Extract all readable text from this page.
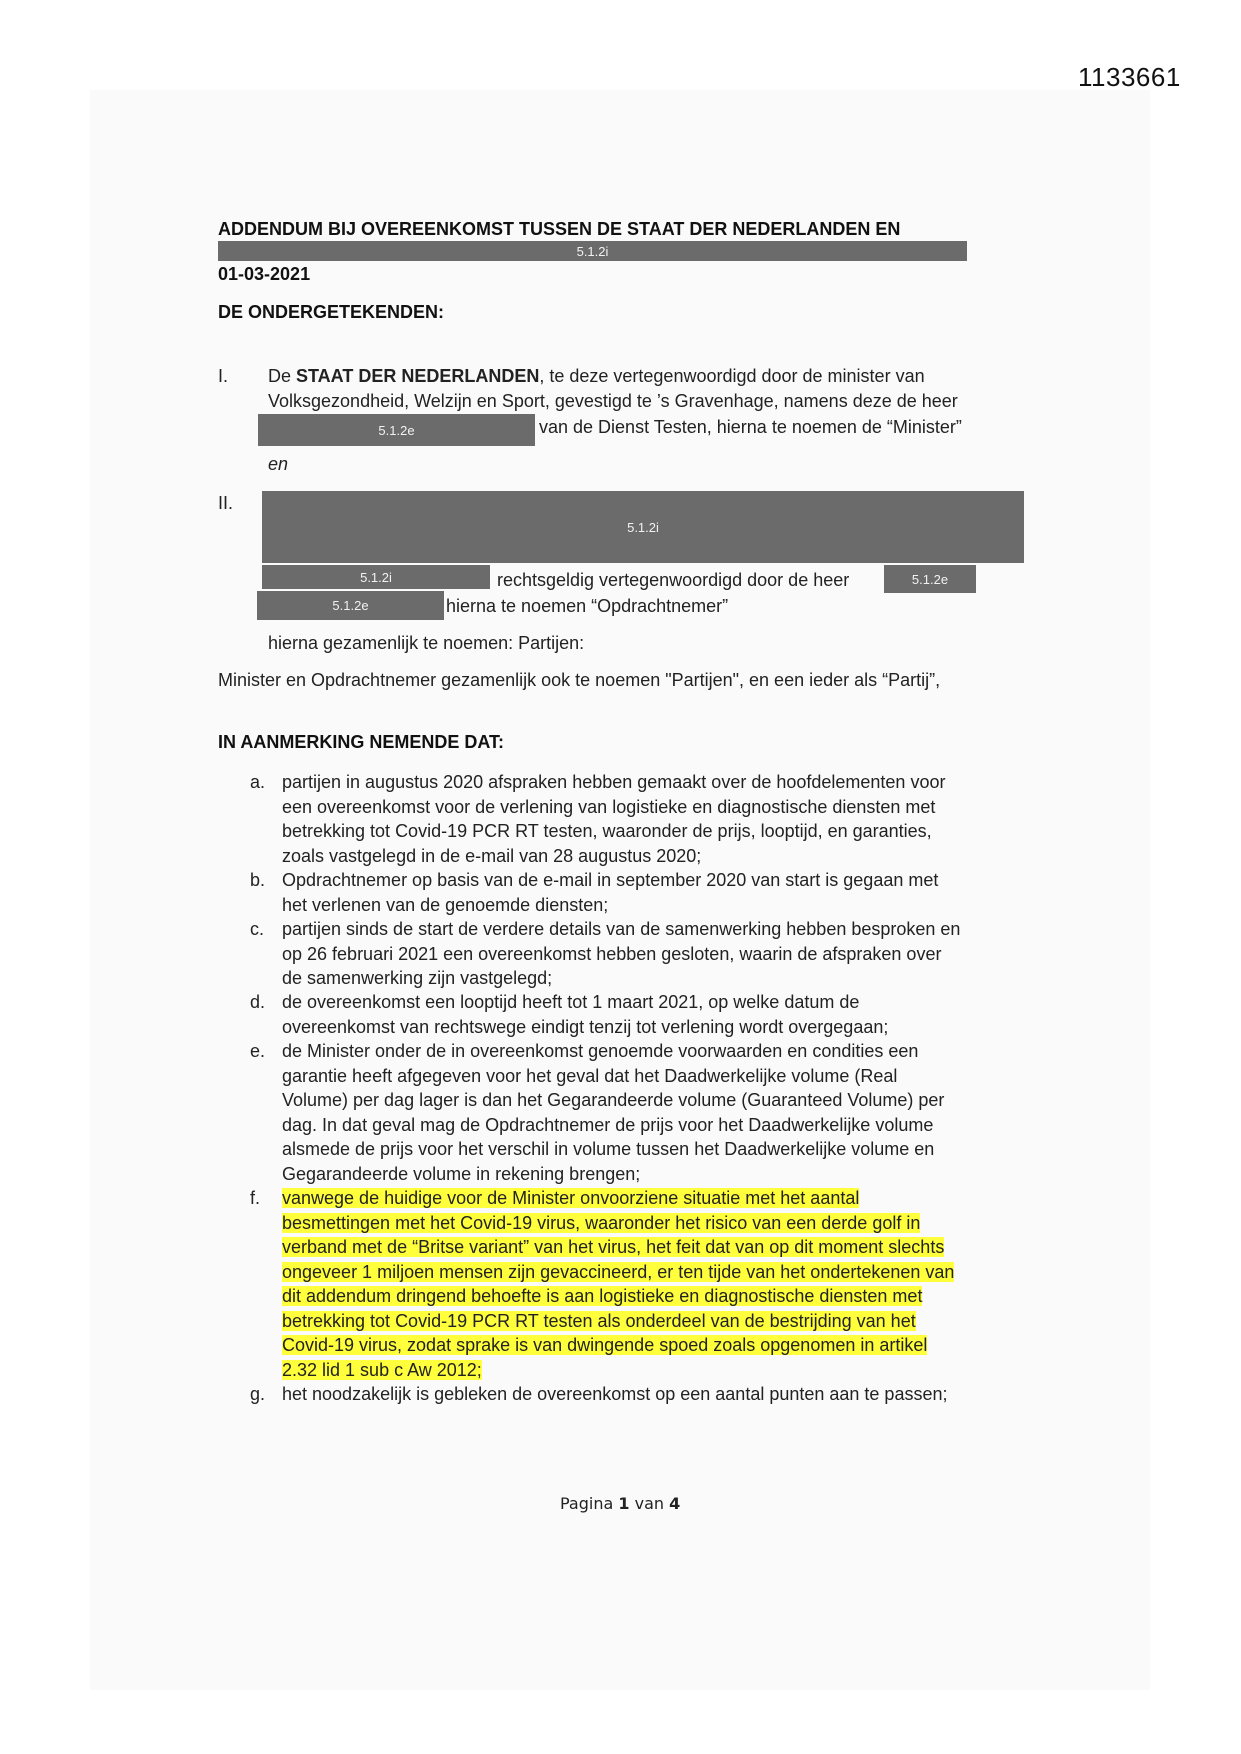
1133661
ADDENDUM BIJ OVEREENKOMST TUSSEN DE STAAT DER NEDERLANDEN EN
5.1.2i
01-03-2021
DE ONDERGETEKENDEN:
I. De STAAT DER NEDERLANDEN, te deze vertegenwoordigd door de minister van
Volksgezondheid, Welzijn en Sport, gevestigd te ’s Gravenhage, namens deze de heer
5.1.2e	van de Dienst Testen, hierna te noemen de “Minister”
en
II.
5.1.2i
5.1.2i	rechtsgeldig vertegenwoordigd door de heer	5.1.2e
5.1.2e	hierna te noemen “Opdrachtnemer”
hierna gezamenlijk te noemen: Partijen:
Minister en Opdrachtnemer gezamenlijk ook te noemen "Partijen", en een ieder als “Partij”,
IN AANMERKING NEMENDE DAT:
a. partijen in augustus 2020 afspraken hebben gemaakt over de hoofdelementen voor
een overeenkomst voor de verlening van logistieke en diagnostische diensten met
betrekking tot Covid-19 PCR RT testen, waaronder de prijs, looptijd, en garanties,
zoals vastgelegd in de e-mail van 28 augustus 2020;
b. Opdrachtnemer op basis van de e-mail in september 2020 van start is gegaan met
het verlenen van de genoemde diensten;
c. partijen sinds de start de verdere details van de samenwerking hebben besproken en
op 26 februari 2021 een overeenkomst hebben gesloten, waarin de afspraken over
de samenwerking zijn vastgelegd;
d. de overeenkomst een looptijd heeft tot 1 maart 2021, op welke datum de
overeenkomst van rechtswege eindigt tenzij tot verlening wordt overgegaan;
e. de Minister onder de in overeenkomst genoemde voorwaarden en condities een
garantie heeft afgegeven voor het geval dat het Daadwerkelijke volume (Real
Volume) per dag lager is dan het Gegarandeerde volume (Guaranteed Volume) per
dag. In dat geval mag de Opdrachtnemer de prijs voor het Daadwerkelijke volume
alsmede de prijs voor het verschil in volume tussen het Daadwerkelijke volume en
Gegarandeerde volume in rekening brengen;
f. vanwege de huidige voor de Minister onvoorziene situatie met het aantal
besmettingen met het Covid-19 virus, waaronder het risico van een derde golf in
verband met de “Britse variant” van het virus, het feit dat van op dit moment slechts
ongeveer 1 miljoen mensen zijn gevaccineerd, er ten tijde van het ondertekenen van
dit addendum dringend behoefte is aan logistieke en diagnostische diensten met
betrekking tot Covid-19 PCR RT testen als onderdeel van de bestrijding van het
Covid-19 virus, zodat sprake is van dwingende spoed zoals opgenomen in artikel
2.32 lid 1 sub c Aw 2012;
g. het noodzakelijk is gebleken de overeenkomst op een aantal punten aan te passen;
Pagina 1 van 4
